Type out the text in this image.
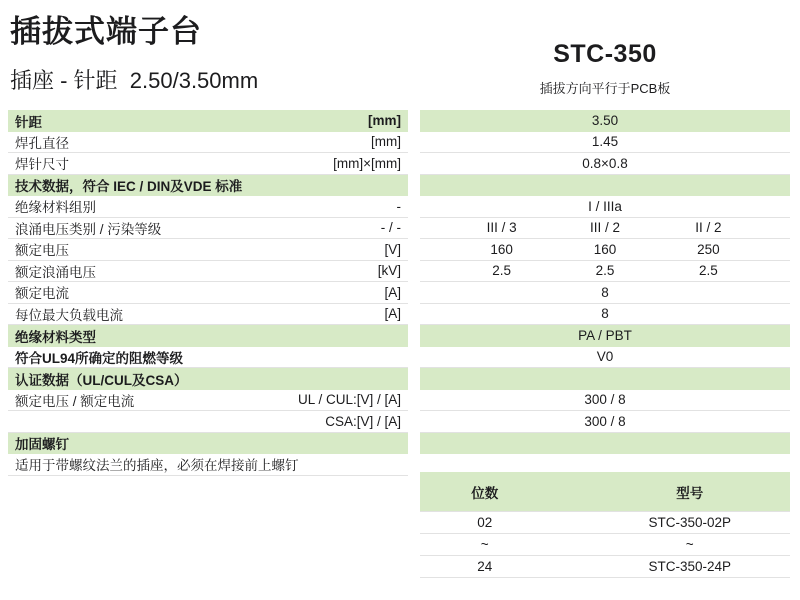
插拔式端子台
插座 - 针距  2.50/3.50mm
STC-350
插拔方向平行于PCB板
针距	[mm]	3.50
焊孔直径	[mm]	1.45
焊针尺寸	[mm]×[mm]	0.8×0.8
技术数据，符合 IEC / DIN及VDE 标准
绝缘材料组别	-	I / IIIa
浪涌电压类别 / 污染等级	- / -	III / 3	III / 2	II / 2
额定电压	[V]	160	160	250
额定浪涌电压	[kV]	2.5	2.5	2.5
额定电流	[A]	8
每位最大负载电流	[A]	8
绝缘材料类型	PA / PBT
符合UL94所确定的阻燃等级	V0
认证数据（UL/CUL及CSA）
额定电压 / 额定电流	UL / CUL:[V] / [A]	300 / 8
CSA:[V] / [A]	300 / 8
加固螺钉
适用于带螺纹法兰的插座，必须在焊接前上螺钉
位数	型号
02	STC-350-02P
~	~
24	STC-350-24P
